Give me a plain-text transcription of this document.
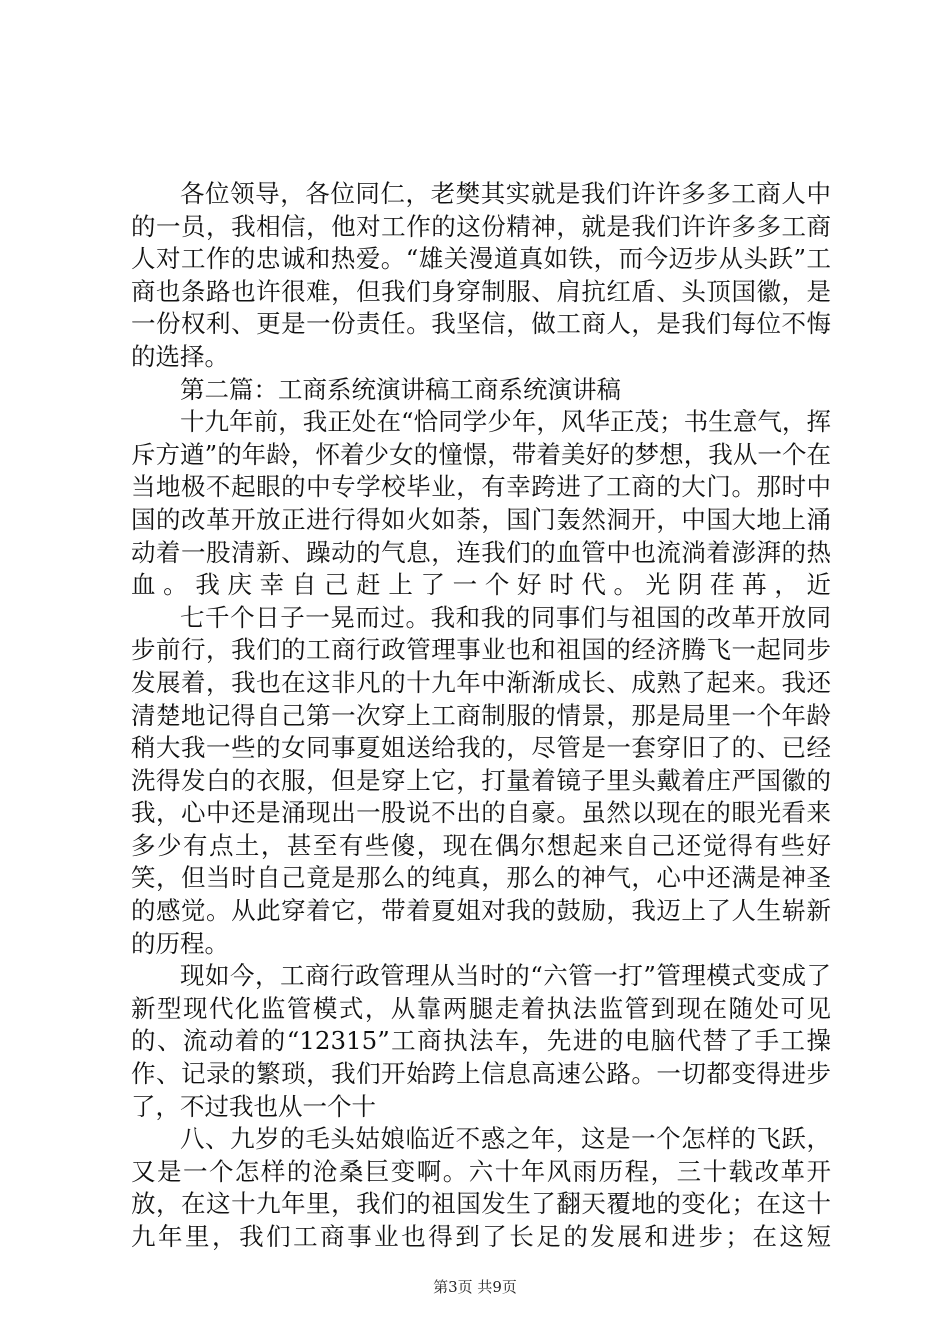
各位领导，各位同仁，老樊其实就是我们许许多多工商人中的一员，我相信，他对工作的这份精神，就是我们许许多多工商人对工作的忠诚和热爱。“雄关漫道真如铁，而今迈步从头跃”工商也条路也许很难，但我们身穿制服、肩抗红盾、头顶国徽，是一份权利、更是一份责任。我坚信，做工商人，是我们每位不悔的选择。

第二篇：工商系统演讲稿工商系统演讲稿

十九年前，我正处在“恰同学少年，风华正茂；书生意气，挥斥方遒”的年龄，怀着少女的憧憬，带着美好的梦想，我从一个在当地极不起眼的中专学校毕业，有幸跨进了工商的大门。那时中国的改革开放正进行得如火如荼，国门轰然洞开，中国大地上涌动着一股清新、躁动的气息，连我们的血管中也流淌着澎湃的热血。我庆幸自己赶上了一个好时代。光阴荏苒，近

七千个日子一晃而过。我和我的同事们与祖国的改革开放同步前行，我们的工商行政管理事业也和祖国的经济腾飞一起同步发展着，我也在这非凡的十九年中渐渐成长、成熟了起来。我还清楚地记得自己第一次穿上工商制服的情景，那是局里一个年龄稍大我一些的女同事夏姐送给我的，尽管是一套穿旧了的、已经洗得发白的衣服，但是穿上它，打量着镜子里头戴着庄严国徽的我，心中还是涌现出一股说不出的自豪。虽然以现在的眼光看来多少有点土，甚至有些傻，现在偶尔想起来自己还觉得有些好笑，但当时自己竟是那么的纯真，那么的神气，心中还满是神圣的感觉。从此穿着它，带着夏姐对我的鼓励，我迈上了人生崭新的历程。

现如今，工商行政管理从当时的“六管一打”管理模式变成了新型现代化监管模式，从靠两腿走着执法监管到现在随处可见的、流动着的“12315”工商执法车，先进的电脑代替了手工操作、记录的繁琐，我们开始跨上信息高速公路。一切都变得进步了，不过我也从一个十

八、九岁的毛头姑娘临近不惑之年，这是一个怎样的飞跃，又是一个怎样的沧桑巨变啊。六十年风雨历程，三十载改革开放，在这十九年里，我们的祖国发生了翻天覆地的变化；在这十九年里，我们工商事业也得到了长足的发展和进步；在这短

第3页 共9页
